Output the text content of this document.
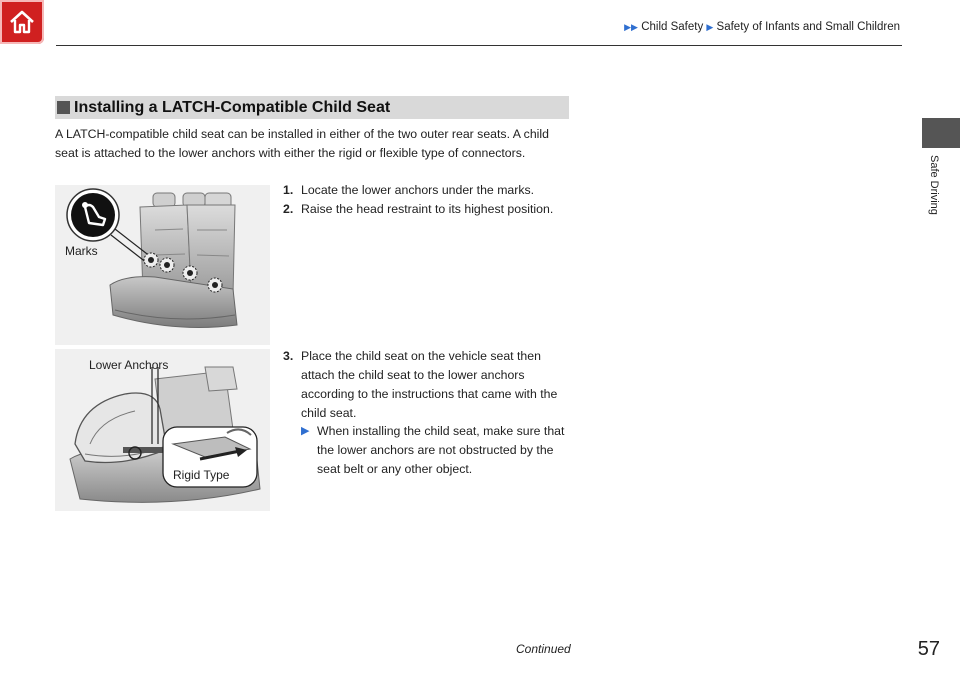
▶▶ Child Safety ▶ Safety of Infants and Small Children
Safe Driving
Installing a LATCH-Compatible Child Seat
A LATCH-compatible child seat can be installed in either of the two outer rear seats. A child seat is attached to the lower anchors with either the rigid or flexible type of connectors.
1. Locate the lower anchors under the marks.
2. Raise the head restraint to its highest position.
3. Place the child seat on the vehicle seat then attach the child seat to the lower anchors according to the instructions that came with the child seat.
▶ When installing the child seat, make sure that the lower anchors are not obstructed by the seat belt or any other object.
Marks
Lower Anchors
Rigid Type
Continued	57
